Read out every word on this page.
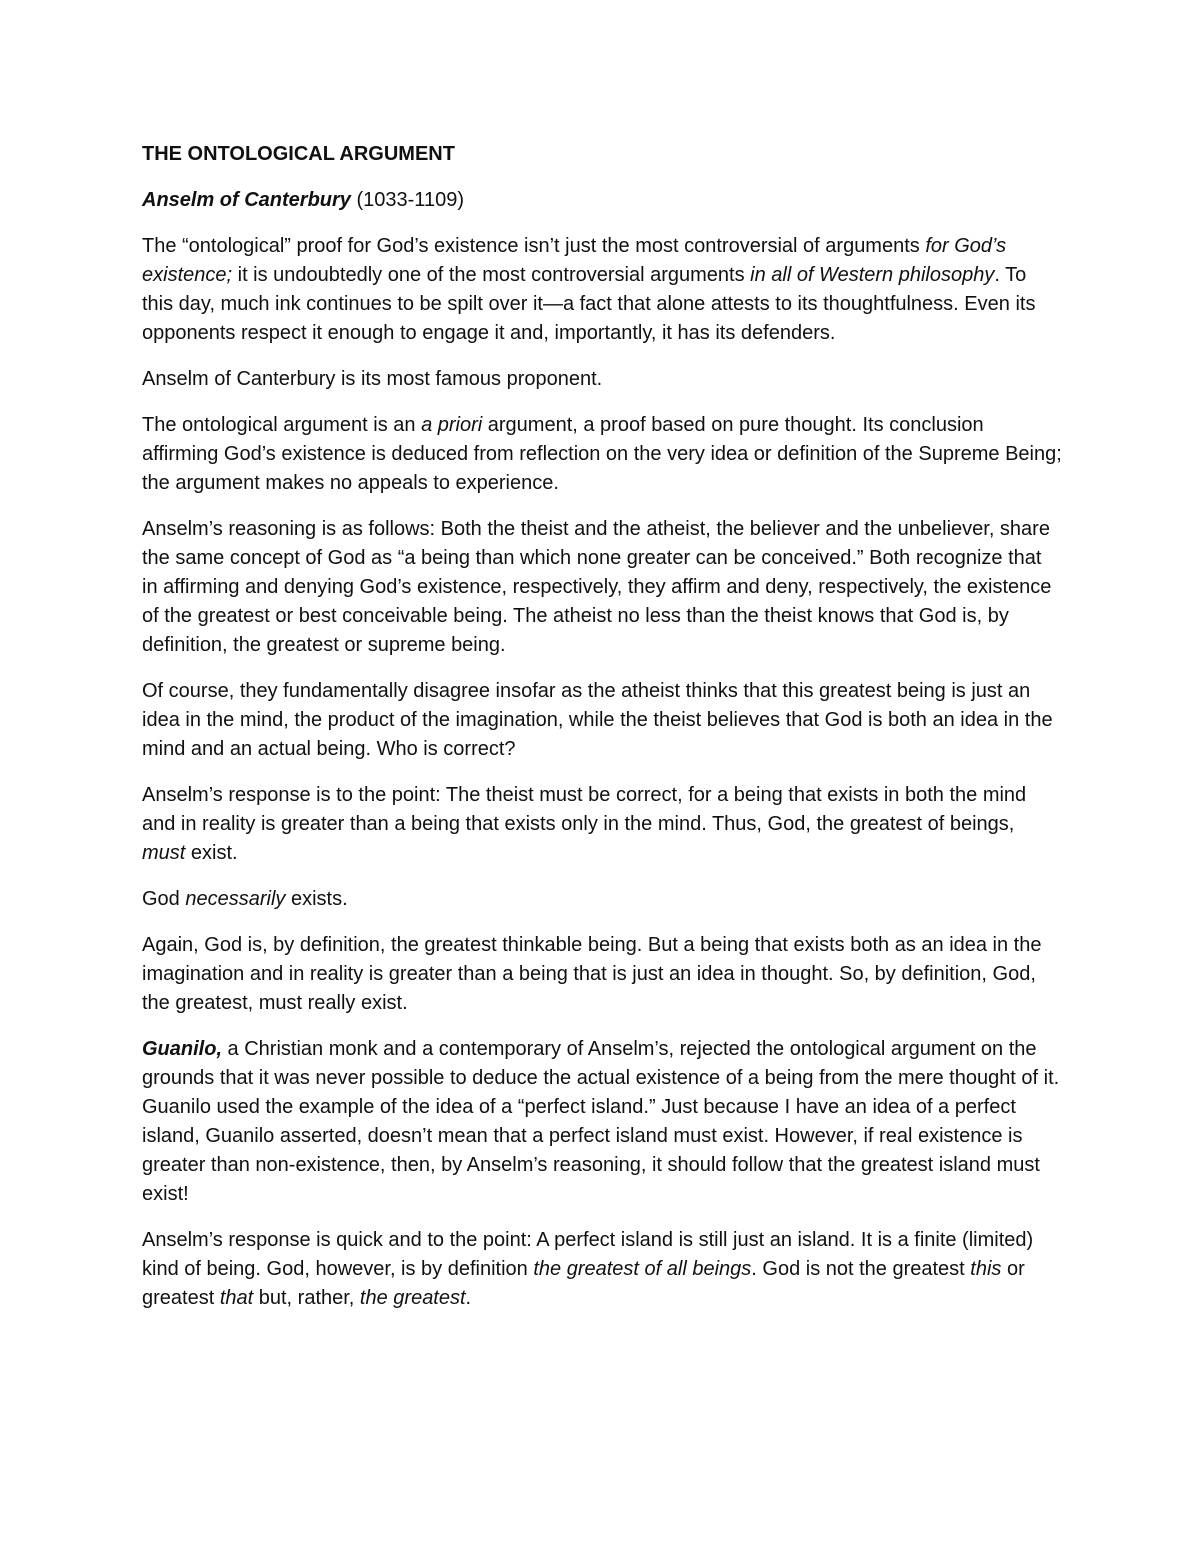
THE ONTOLOGICAL ARGUMENT

Anselm of Canterbury (1033-1109)

The “ontological” proof for God’s existence isn’t just the most controversial of arguments for God’s existence; it is undoubtedly one of the most controversial arguments in all of Western philosophy. To this day, much ink continues to be spilt over it—a fact that alone attests to its thoughtfulness. Even its opponents respect it enough to engage it and, importantly, it has its defenders.

Anselm of Canterbury is its most famous proponent.

The ontological argument is an a priori argument, a proof based on pure thought. Its conclusion affirming God’s existence is deduced from reflection on the very idea or definition of the Supreme Being; the argument makes no appeals to experience.

Anselm’s reasoning is as follows: Both the theist and the atheist, the believer and the unbeliever, share the same concept of God as “a being than which none greater can be conceived.” Both recognize that in affirming and denying God’s existence, respectively, they affirm and deny, respectively, the existence of the greatest or best conceivable being. The atheist no less than the theist knows that God is, by definition, the greatest or supreme being.

Of course, they fundamentally disagree insofar as the atheist thinks that this greatest being is just an idea in the mind, the product of the imagination, while the theist believes that God is both an idea in the mind and an actual being. Who is correct?

Anselm’s response is to the point: The theist must be correct, for a being that exists in both the mind and in reality is greater than a being that exists only in the mind. Thus, God, the greatest of beings, must exist.

God necessarily exists.

Again, God is, by definition, the greatest thinkable being. But a being that exists both as an idea in the imagination and in reality is greater than a being that is just an idea in thought. So, by definition, God, the greatest, must really exist.

Guanilo, a Christian monk and a contemporary of Anselm’s, rejected the ontological argument on the grounds that it was never possible to deduce the actual existence of a being from the mere thought of it. Guanilo used the example of the idea of a “perfect island.” Just because I have an idea of a perfect island, Guanilo asserted, doesn’t mean that a perfect island must exist. However, if real existence is greater than non-existence, then, by Anselm’s reasoning, it should follow that the greatest island must exist!

Anselm’s response is quick and to the point: A perfect island is still just an island. It is a finite (limited) kind of being. God, however, is by definition the greatest of all beings. God is not the greatest this or greatest that but, rather, the greatest.
